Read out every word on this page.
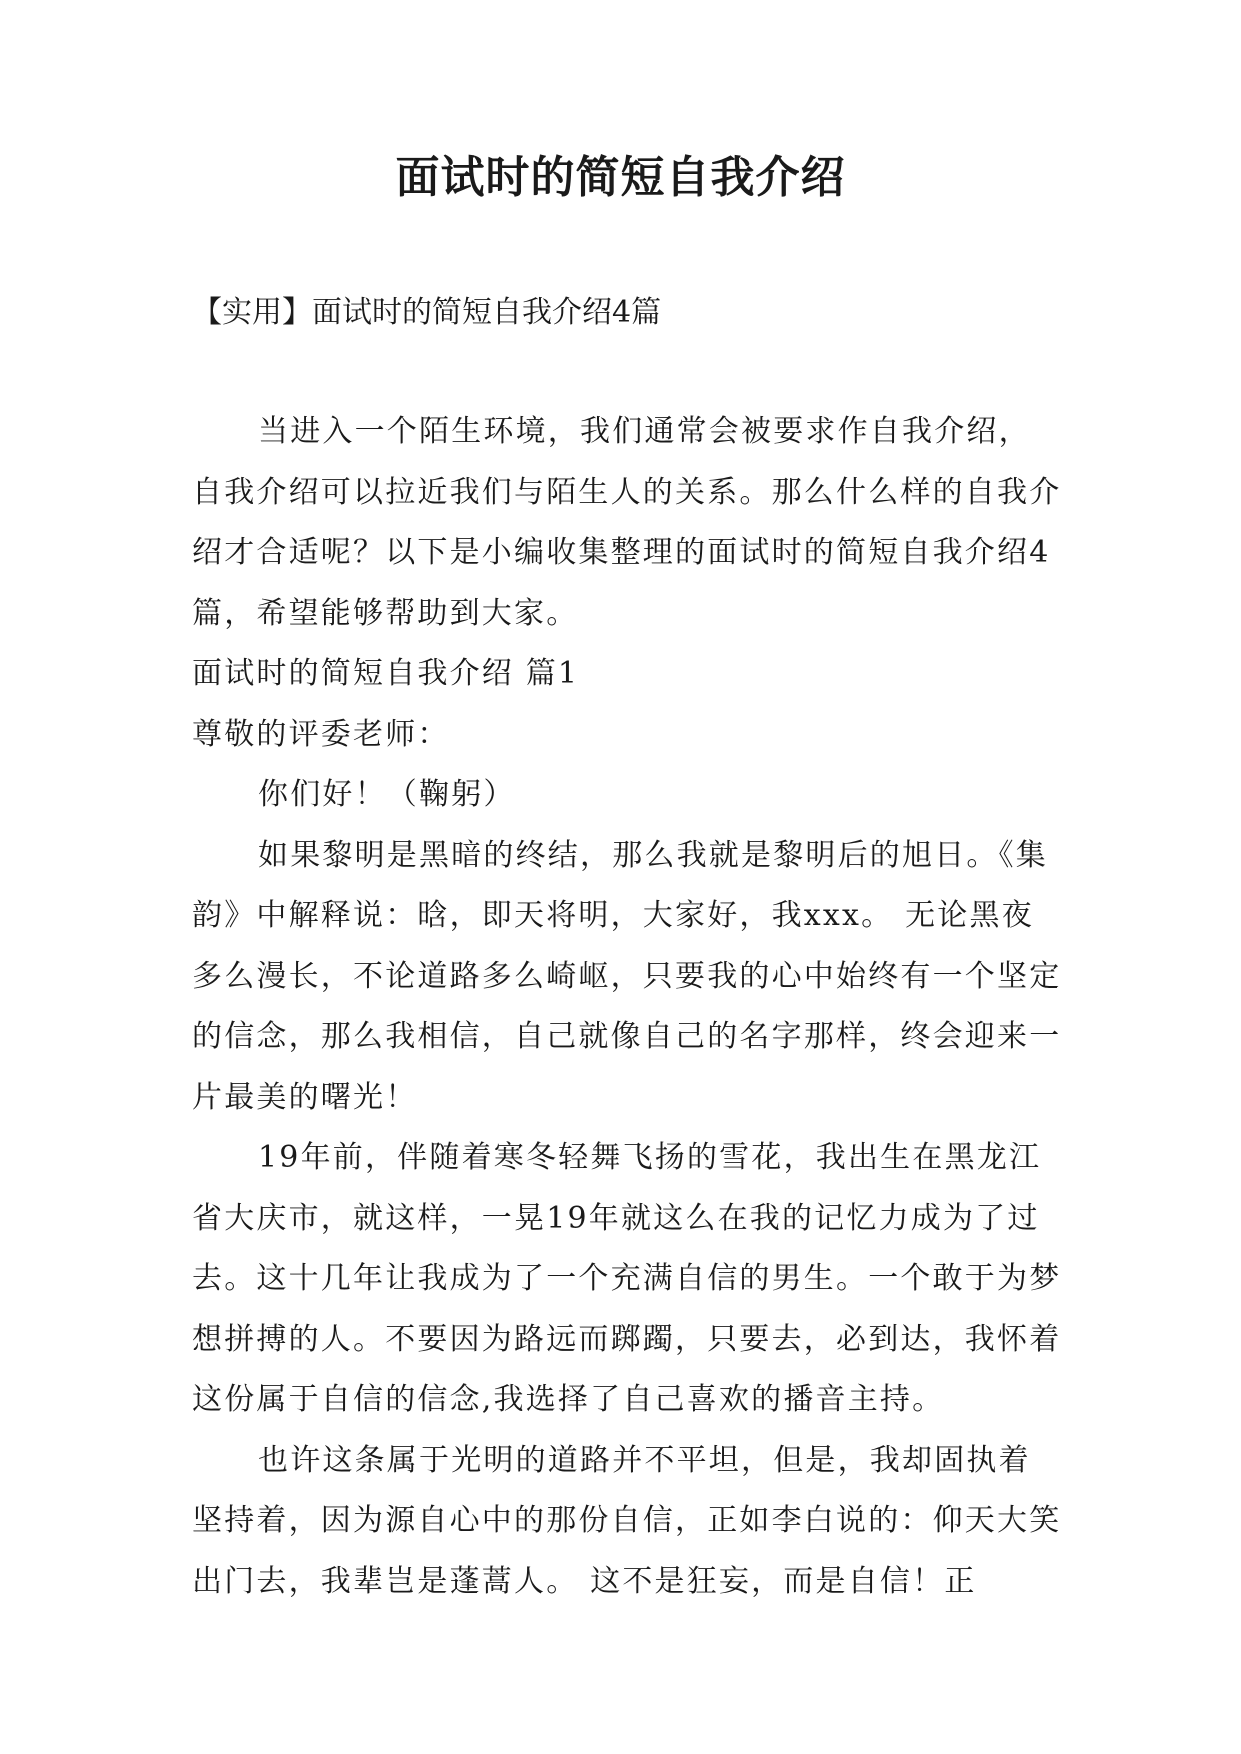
面试时的简短自我介绍

【实用】面试时的简短自我介绍4篇

当进入一个陌生环境，我们通常会被要求作自我介绍，自我介绍可以拉近我们与陌生人的关系。那么什么样的自我介绍才合适呢？以下是小编收集整理的面试时的简短自我介绍4篇，希望能够帮助到大家。

面试时的简短自我介绍 篇1

尊敬的评委老师：

你们好！（鞠躬）

如果黎明是黑暗的终结，那么我就是黎明后的旭日。《集韵》中解释说：晗，即天将明，大家好，我xxx。 无论黑夜多么漫长，不论道路多么崎岖，只要我的心中始终有一个坚定的信念，那么我相信，自己就像自己的名字那样，终会迎来一片最美的曙光！

19年前，伴随着寒冬轻舞飞扬的雪花，我出生在黑龙江省大庆市，就这样，一晃19年就这么在我的记忆力成为了过去。这十几年让我成为了一个充满自信的男生。一个敢于为梦想拼搏的人。不要因为路远而踯躅，只要去，必到达，我怀着这份属于自信的信念,我选择了自己喜欢的播音主持。

也许这条属于光明的道路并不平坦，但是，我却固执着坚持着，因为源自心中的那份自信，正如李白说的：仰天大笑出门去，我辈岂是蓬蒿人。 这不是狂妄，而是自信！正
